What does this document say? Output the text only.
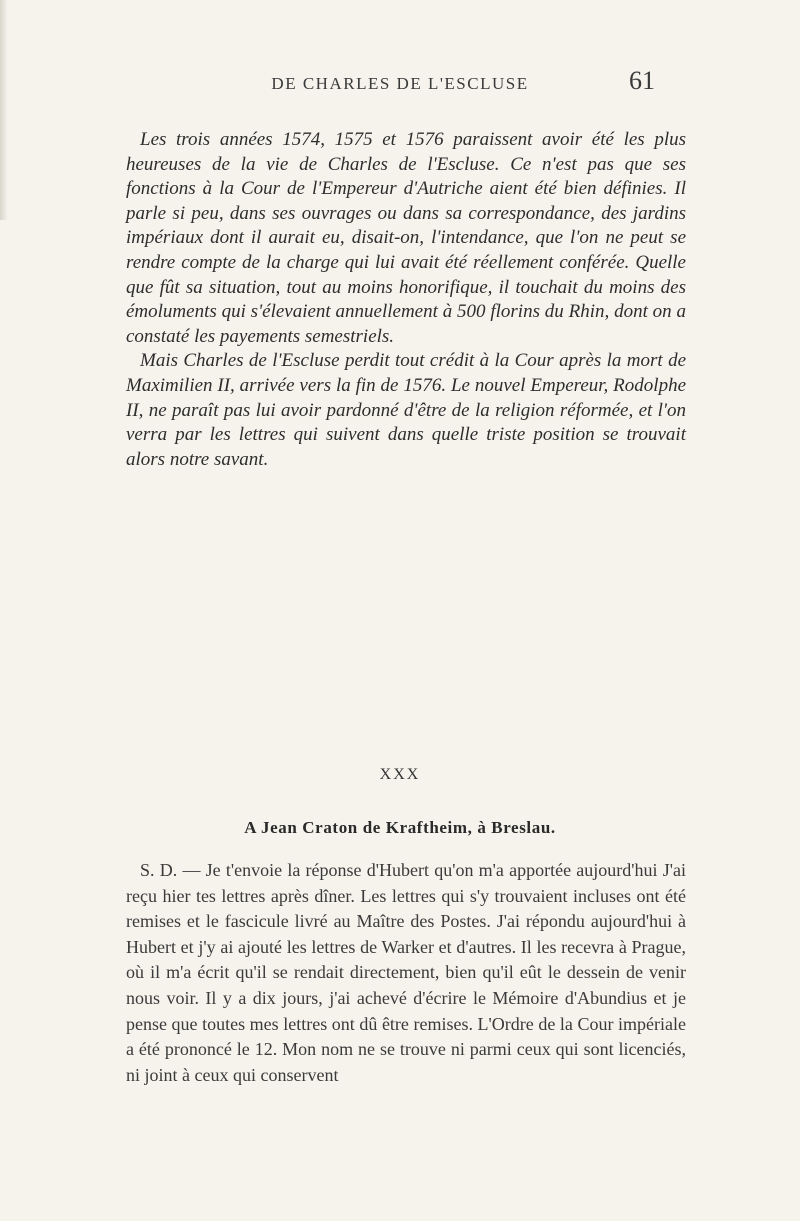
DE CHARLES DE L'ESCLUSE	61

Les trois années 1574, 1575 et 1576 paraissent avoir été les plus heureuses de la vie de Charles de l'Escluse. Ce n'est pas que ses fonctions à la Cour de l'Empereur d'Autriche aient été bien définies. Il parle si peu, dans ses ouvrages ou dans sa correspondance, des jardins impériaux dont il aurait eu, disait-on, l'intendance, que l'on ne peut se rendre compte de la charge qui lui avait été réellement conférée. Quelle que fût sa situation, tout au moins honorifique, il touchait du moins des émoluments qui s'élevaient annuellement à 500 florins du Rhin, dont on a constaté les payements semestriels.

Mais Charles de l'Escluse perdit tout crédit à la Cour après la mort de Maximilien II, arrivée vers la fin de 1576. Le nouvel Empereur, Rodolphe II, ne paraît pas lui avoir pardonné d'être de la religion réformée, et l'on verra par les lettres qui suivent dans quelle triste position se trouvait alors notre savant.

XXX
A Jean Craton de Kraftheim, à Breslau.

S. D. — Je t'envoie la réponse d'Hubert qu'on m'a apportée aujourd'hui J'ai reçu hier tes lettres après dîner. Les lettres qui s'y trouvaient incluses ont été remises et le fascicule livré au Maître des Postes. J'ai répondu aujourd'hui à Hubert et j'y ai ajouté les lettres de Warker et d'autres. Il les recevra à Prague, où il m'a écrit qu'il se rendait directement, bien qu'il eût le dessein de venir nous voir. Il y a dix jours, j'ai achevé d'écrire le Mémoire d'Abundius et je pense que toutes mes lettres ont dû être remises. L'Ordre de la Cour impériale a été prononcé le 12. Mon nom ne se trouve ni parmi ceux qui sont licenciés, ni joint à ceux qui conservent
